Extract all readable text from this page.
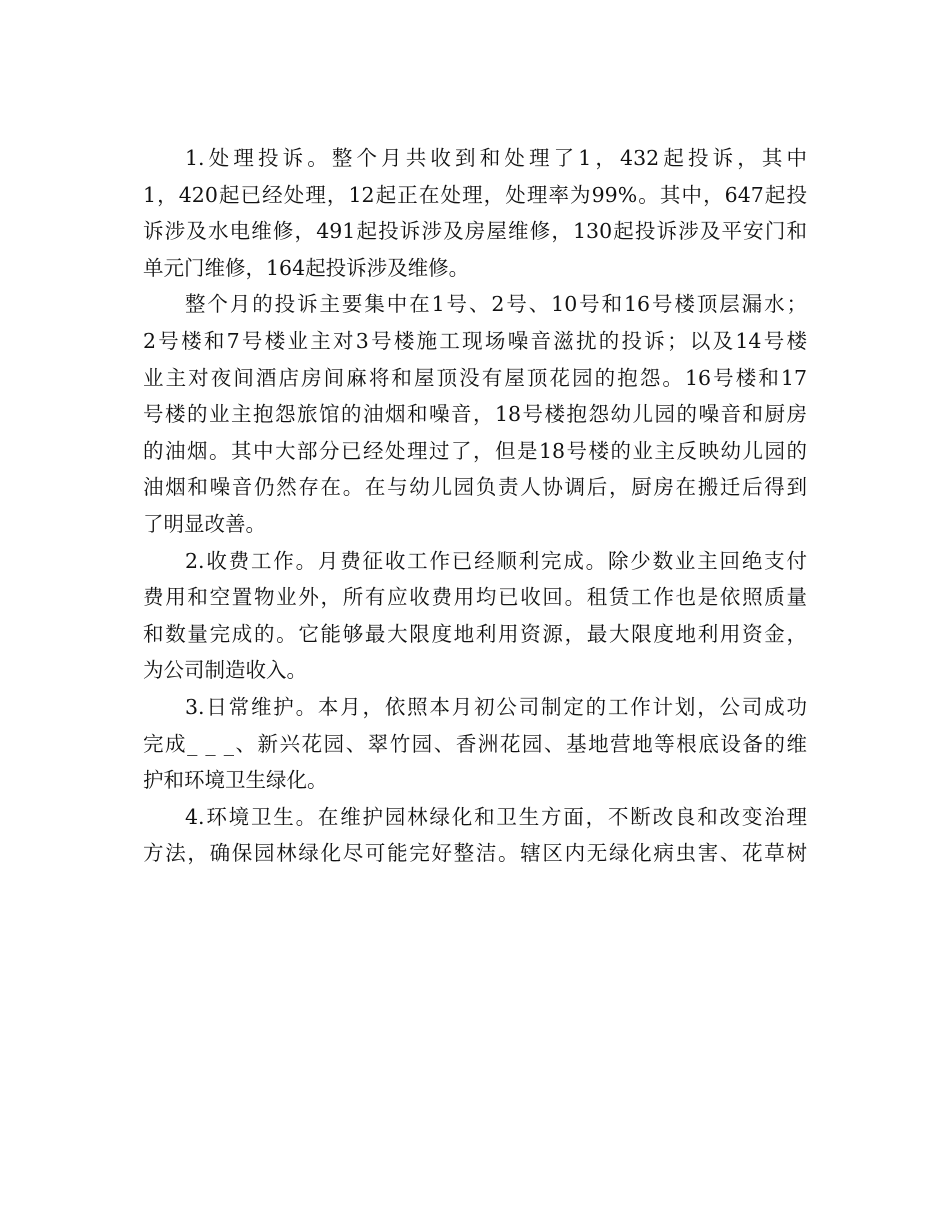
1.处理投诉。整个月共收到和处理了1，432起投诉，其中
1，420起已经处理，12起正在处理，处理率为99%。其中，647起投
诉涉及水电维修，491起投诉涉及房屋维修，130起投诉涉及平安门和
单元门维修，164起投诉涉及维修。
整个月的投诉主要集中在1号、2号、10号和16号楼顶层漏水；
2号楼和7号楼业主对3号楼施工现场噪音滋扰的投诉；以及14号楼
业主对夜间酒店房间麻将和屋顶没有屋顶花园的抱怨。16号楼和17
号楼的业主抱怨旅馆的油烟和噪音，18号楼抱怨幼儿园的噪音和厨房
的油烟。其中大部分已经处理过了，但是18号楼的业主反映幼儿园的
油烟和噪音仍然存在。在与幼儿园负责人协调后，厨房在搬迁后得到
了明显改善。
2.收费工作。月费征收工作已经顺利完成。除少数业主回绝支付
费用和空置物业外，所有应收费用均已收回。租赁工作也是依照质量
和数量完成的。它能够最大限度地利用资源，最大限度地利用资金，
为公司制造收入。
3.日常维护。本月，依照本月初公司制定的工作计划，公司成功
完成_ _ _、新兴花园、翠竹园、香洲花园、基地营地等根底设备的维
护和环境卫生绿化。
4.环境卫生。在维护园林绿化和卫生方面，不断改良和改变治理
方法，确保园林绿化尽可能完好整洁。辖区内无绿化病虫害、花草树
